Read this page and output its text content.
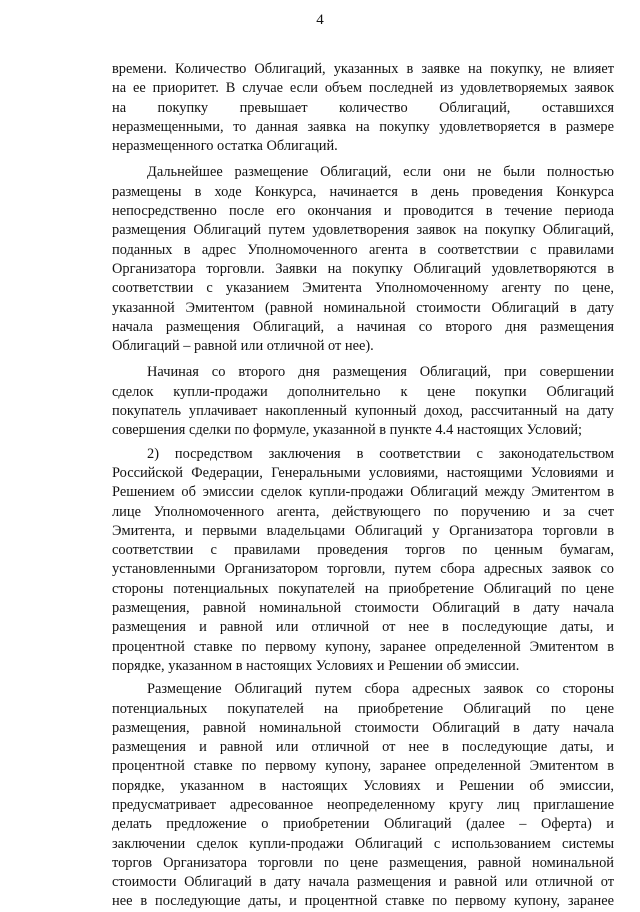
4

времени. Количество Облигаций, указанных в заявке на покупку, не влияет

на ее приоритет. В случае если объем последней из удовлетворяемых заявок

на покупку превышает количество Облигаций, оставшихся

неразмещенными, то данная заявка на покупку удовлетворяется в размере

неразмещенного остатка Облигаций.

Дальнейшее размещение Облигаций, если они не были полностью

размещены в ходе Конкурса, начинается в день проведения Конкурса

непосредственно после его окончания и проводится в течение периода

размещения Облигаций путем удовлетворения заявок на покупку Облигаций,

поданных в адрес Уполномоченного агента в соответствии с правилами

Организатора торговли. Заявки на покупку Облигаций удовлетворяются в

соответствии с указанием Эмитента Уполномоченному агенту по цене,

указанной Эмитентом (равной номинальной стоимости Облигаций в дату

начала размещения Облигаций, а начиная со второго дня размещения

Облигаций – равной или отличной от нее).

Начиная со второго дня размещения Облигаций, при совершении

сделок купли-продажи дополнительно к цене покупки Облигаций

покупатель уплачивает накопленный купонный доход, рассчитанный на дату

совершения сделки по формуле, указанной в пункте 4.4 настоящих Условий;

2) посредством заключения в соответствии с законодательством

Российской Федерации, Генеральными условиями, настоящими Условиями и

Решением об эмиссии сделок купли-продажи Облигаций между Эмитентом в

лице Уполномоченного агента, действующего по поручению и за счет

Эмитента, и первыми владельцами Облигаций у Организатора торговли в

соответствии с правилами проведения торгов по ценным бумагам,

установленными Организатором торговли, путем сбора адресных заявок со

стороны потенциальных покупателей на приобретение Облигаций по цене

размещения, равной номинальной стоимости Облигаций в дату начала

размещения и равной или отличной от нее в последующие даты, и

процентной ставке по первому купону, заранее определенной Эмитентом в

порядке, указанном в настоящих Условиях и Решении об эмиссии.

Размещение Облигаций путем сбора адресных заявок со стороны

потенциальных покупателей на приобретение Облигаций по цене

размещения, равной номинальной стоимости Облигаций в дату начала

размещения и равной или отличной от нее в последующие даты, и

процентной ставке по первому купону, заранее определенной Эмитентом в

порядке, указанном в настоящих Условиях и Решении об эмиссии,

предусматривает адресованное неопределенному кругу лиц приглашение

делать предложение о приобретении Облигаций (далее – Оферта) и

заключении сделок купли-продажи Облигаций с использованием системы

торгов Организатора торговли по цене размещения, равной номинальной

стоимости Облигаций в дату начала размещения и равной или отличной от

нее в последующие даты, и процентной ставке по первому купону, заранее
